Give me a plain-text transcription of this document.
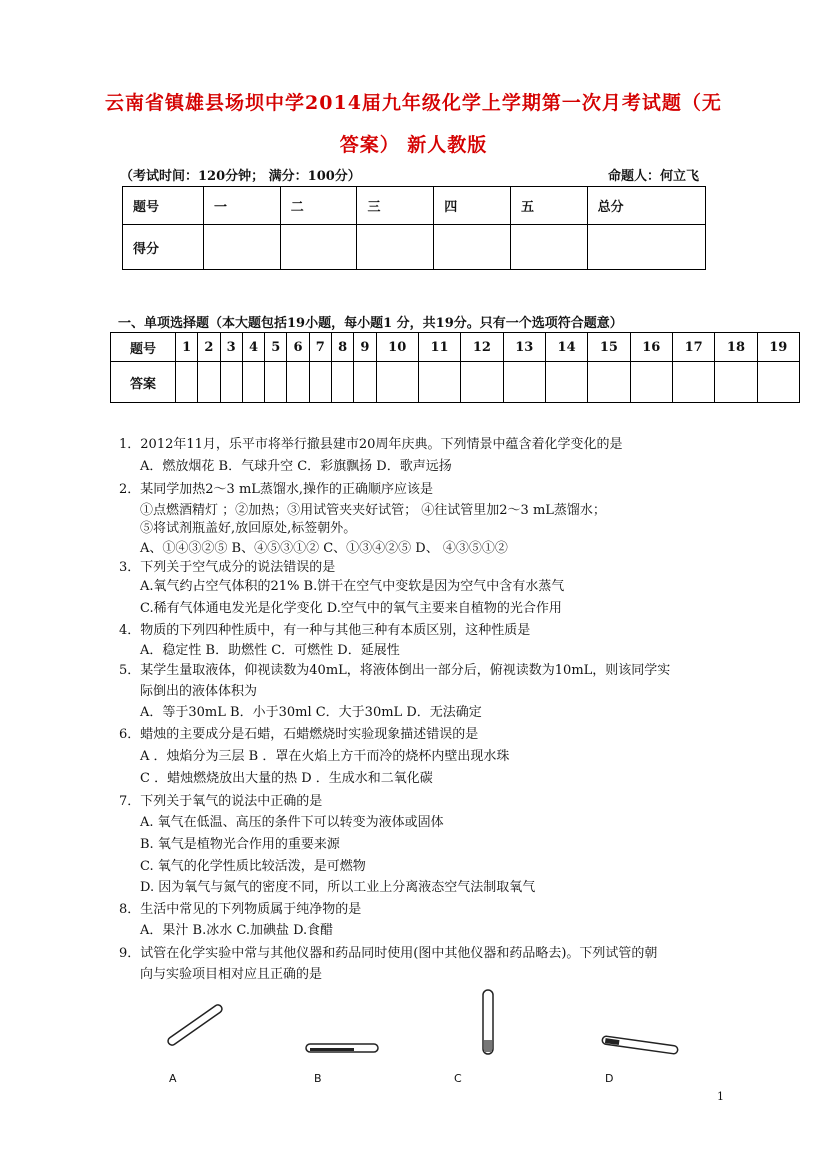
云南省镇雄县场坝中学2014届九年级化学上学期第一次月考试题（无
答案） 新人教版
（考试时间：120分钟； 满分：100分）	命题人：何立飞
题号	一	二	三	四	五	总分
得分						
一、单项选择题（本大题包括19小题，每小题1 分，共19分。只有一个选项符合题意）
题号	1	2	3	4	5	6	7	8	9	10	11	12	13	14	15	16	17	18	19
答案																			
1．2012年11月，乐平市将举行撤县建市20周年庆典。下列情景中蕴含着化学变化的是
A．燃放烟花 B．气球升空 C．彩旗飘扬 D．歌声远扬
2．某同学加热2～3 mL蒸馏水,操作的正确顺序应该是
①点燃酒精灯 ；②加热；③用试管夹夹好试管； ④往试管里加2～3 mL蒸馏水；
⑤将试剂瓶盖好,放回原处,标签朝外。
A、①④③②⑤ B、④⑤③①② C、①③④②⑤ D、 ④③⑤①②
3．下列关于空气成分的说法错误的是
A.氧气约占空气体积的21% B.饼干在空气中变软是因为空气中含有水蒸气
C.稀有气体通电发光是化学变化 D.空气中的氧气主要来自植物的光合作用
4．物质的下列四种性质中，有一种与其他三种有本质区别，这种性质是
A．稳定性 B．助燃性 C．可燃性 D．延展性
5．某学生量取液体，仰视读数为40mL，将液体倒出一部分后，俯视读数为10mL，则该同学实
际倒出的液体体积为
A．等于30mL B．小于30ml C．大于30mL D．无法确定
6．蜡烛的主要成分是石蜡，石蜡燃烧时实验现象描述错误的是
A ．烛焰分为三层 B ．罩在火焰上方干而冷的烧杯内壁出现水珠
C ．蜡烛燃烧放出大量的热 D ．生成水和二氧化碳
7．下列关于氧气的说法中正确的是
A. 氧气在低温、高压的条件下可以转变为液体或固体
B. 氧气是植物光合作用的重要来源
C. 氧气的化学性质比较活泼，是可燃物
D. 因为氧气与氮气的密度不同，所以工业上分离液态空气法制取氧气
8．生活中常见的下列物质属于纯净物的是
A．果汁 B.冰水 C.加碘盐 D.食醋
9．试管在化学实验中常与其他仪器和药品同时使用(图中其他仪器和药品略去)。下列试管的朝
向与实验项目相对应且正确的是
A	B	C	D
1
